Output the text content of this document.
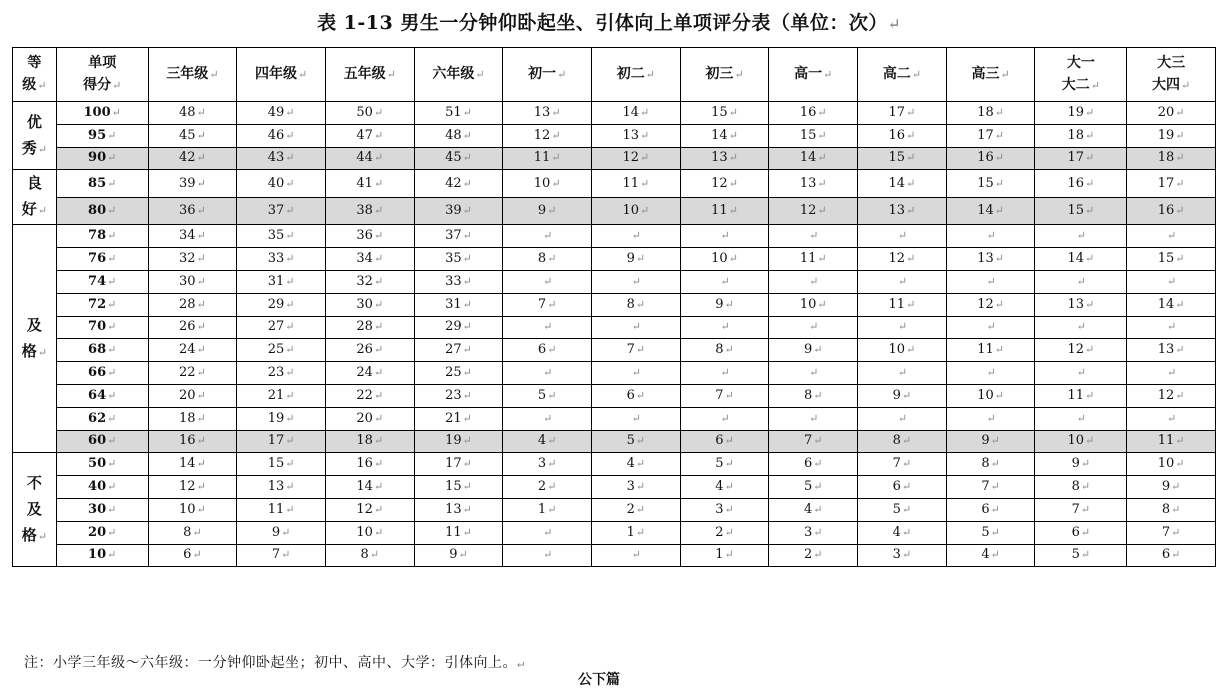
表 1-13 男生一分钟仰卧起坐、引体向上单项评分表（单位：次）↵
等
级↵	单项
得分↵	三年级↵	四年级↵	五年级↵	六年级↵	初一↵	初二↵	初三↵	高一↵	高二↵	高三↵	大一
大二↵	大三
大四↵
优
秀↵	100↵	48↵	49↵	50↵	51↵	13↵	14↵	15↵	16↵	17↵	18↵	19↵	20↵
	95↵	45↵	46↵	47↵	48↵	12↵	13↵	14↵	15↵	16↵	17↵	18↵	19↵
	90↵	42↵	43↵	44↵	45↵	11↵	12↵	13↵	14↵	15↵	16↵	17↵	18↵
良
好↵	85↵	39↵	40↵	41↵	42↵	10↵	11↵	12↵	13↵	14↵	15↵	16↵	17↵
	80↵	36↵	37↵	38↵	39↵	9↵	10↵	11↵	12↵	13↵	14↵	15↵	16↵
及
格↵	78↵	34↵	35↵	36↵	37↵	↵	↵	↵	↵	↵	↵	↵	↵
	76↵	32↵	33↵	34↵	35↵	8↵	9↵	10↵	11↵	12↵	13↵	14↵	15↵
	74↵	30↵	31↵	32↵	33↵	↵	↵	↵	↵	↵	↵	↵	↵
	72↵	28↵	29↵	30↵	31↵	7↵	8↵	9↵	10↵	11↵	12↵	13↵	14↵
	70↵	26↵	27↵	28↵	29↵	↵	↵	↵	↵	↵	↵	↵	↵
	68↵	24↵	25↵	26↵	27↵	6↵	7↵	8↵	9↵	10↵	11↵	12↵	13↵
	66↵	22↵	23↵	24↵	25↵	↵	↵	↵	↵	↵	↵	↵	↵
	64↵	20↵	21↵	22↵	23↵	5↵	6↵	7↵	8↵	9↵	10↵	11↵	12↵
	62↵	18↵	19↵	20↵	21↵	↵	↵	↵	↵	↵	↵	↵	↵
	60↵	16↵	17↵	18↵	19↵	4↵	5↵	6↵	7↵	8↵	9↵	10↵	11↵
不
及
格↵	50↵	14↵	15↵	16↵	17↵	3↵	4↵	5↵	6↵	7↵	8↵	9↵	10↵
	40↵	12↵	13↵	14↵	15↵	2↵	3↵	4↵	5↵	6↵	7↵	8↵	9↵
	30↵	10↵	11↵	12↵	13↵	1↵	2↵	3↵	4↵	5↵	6↵	7↵	8↵
	20↵	8↵	9↵	10↵	11↵	↵	1↵	2↵	3↵	4↵	5↵	6↵	7↵
	10↵	6↵	7↵	8↵	9↵	↵	↵	1↵	2↵	3↵	4↵	5↵	6↵
注：小学三年级～六年级：一分钟仰卧起坐；初中、高中、大学：引体向上。↵
公下篇
